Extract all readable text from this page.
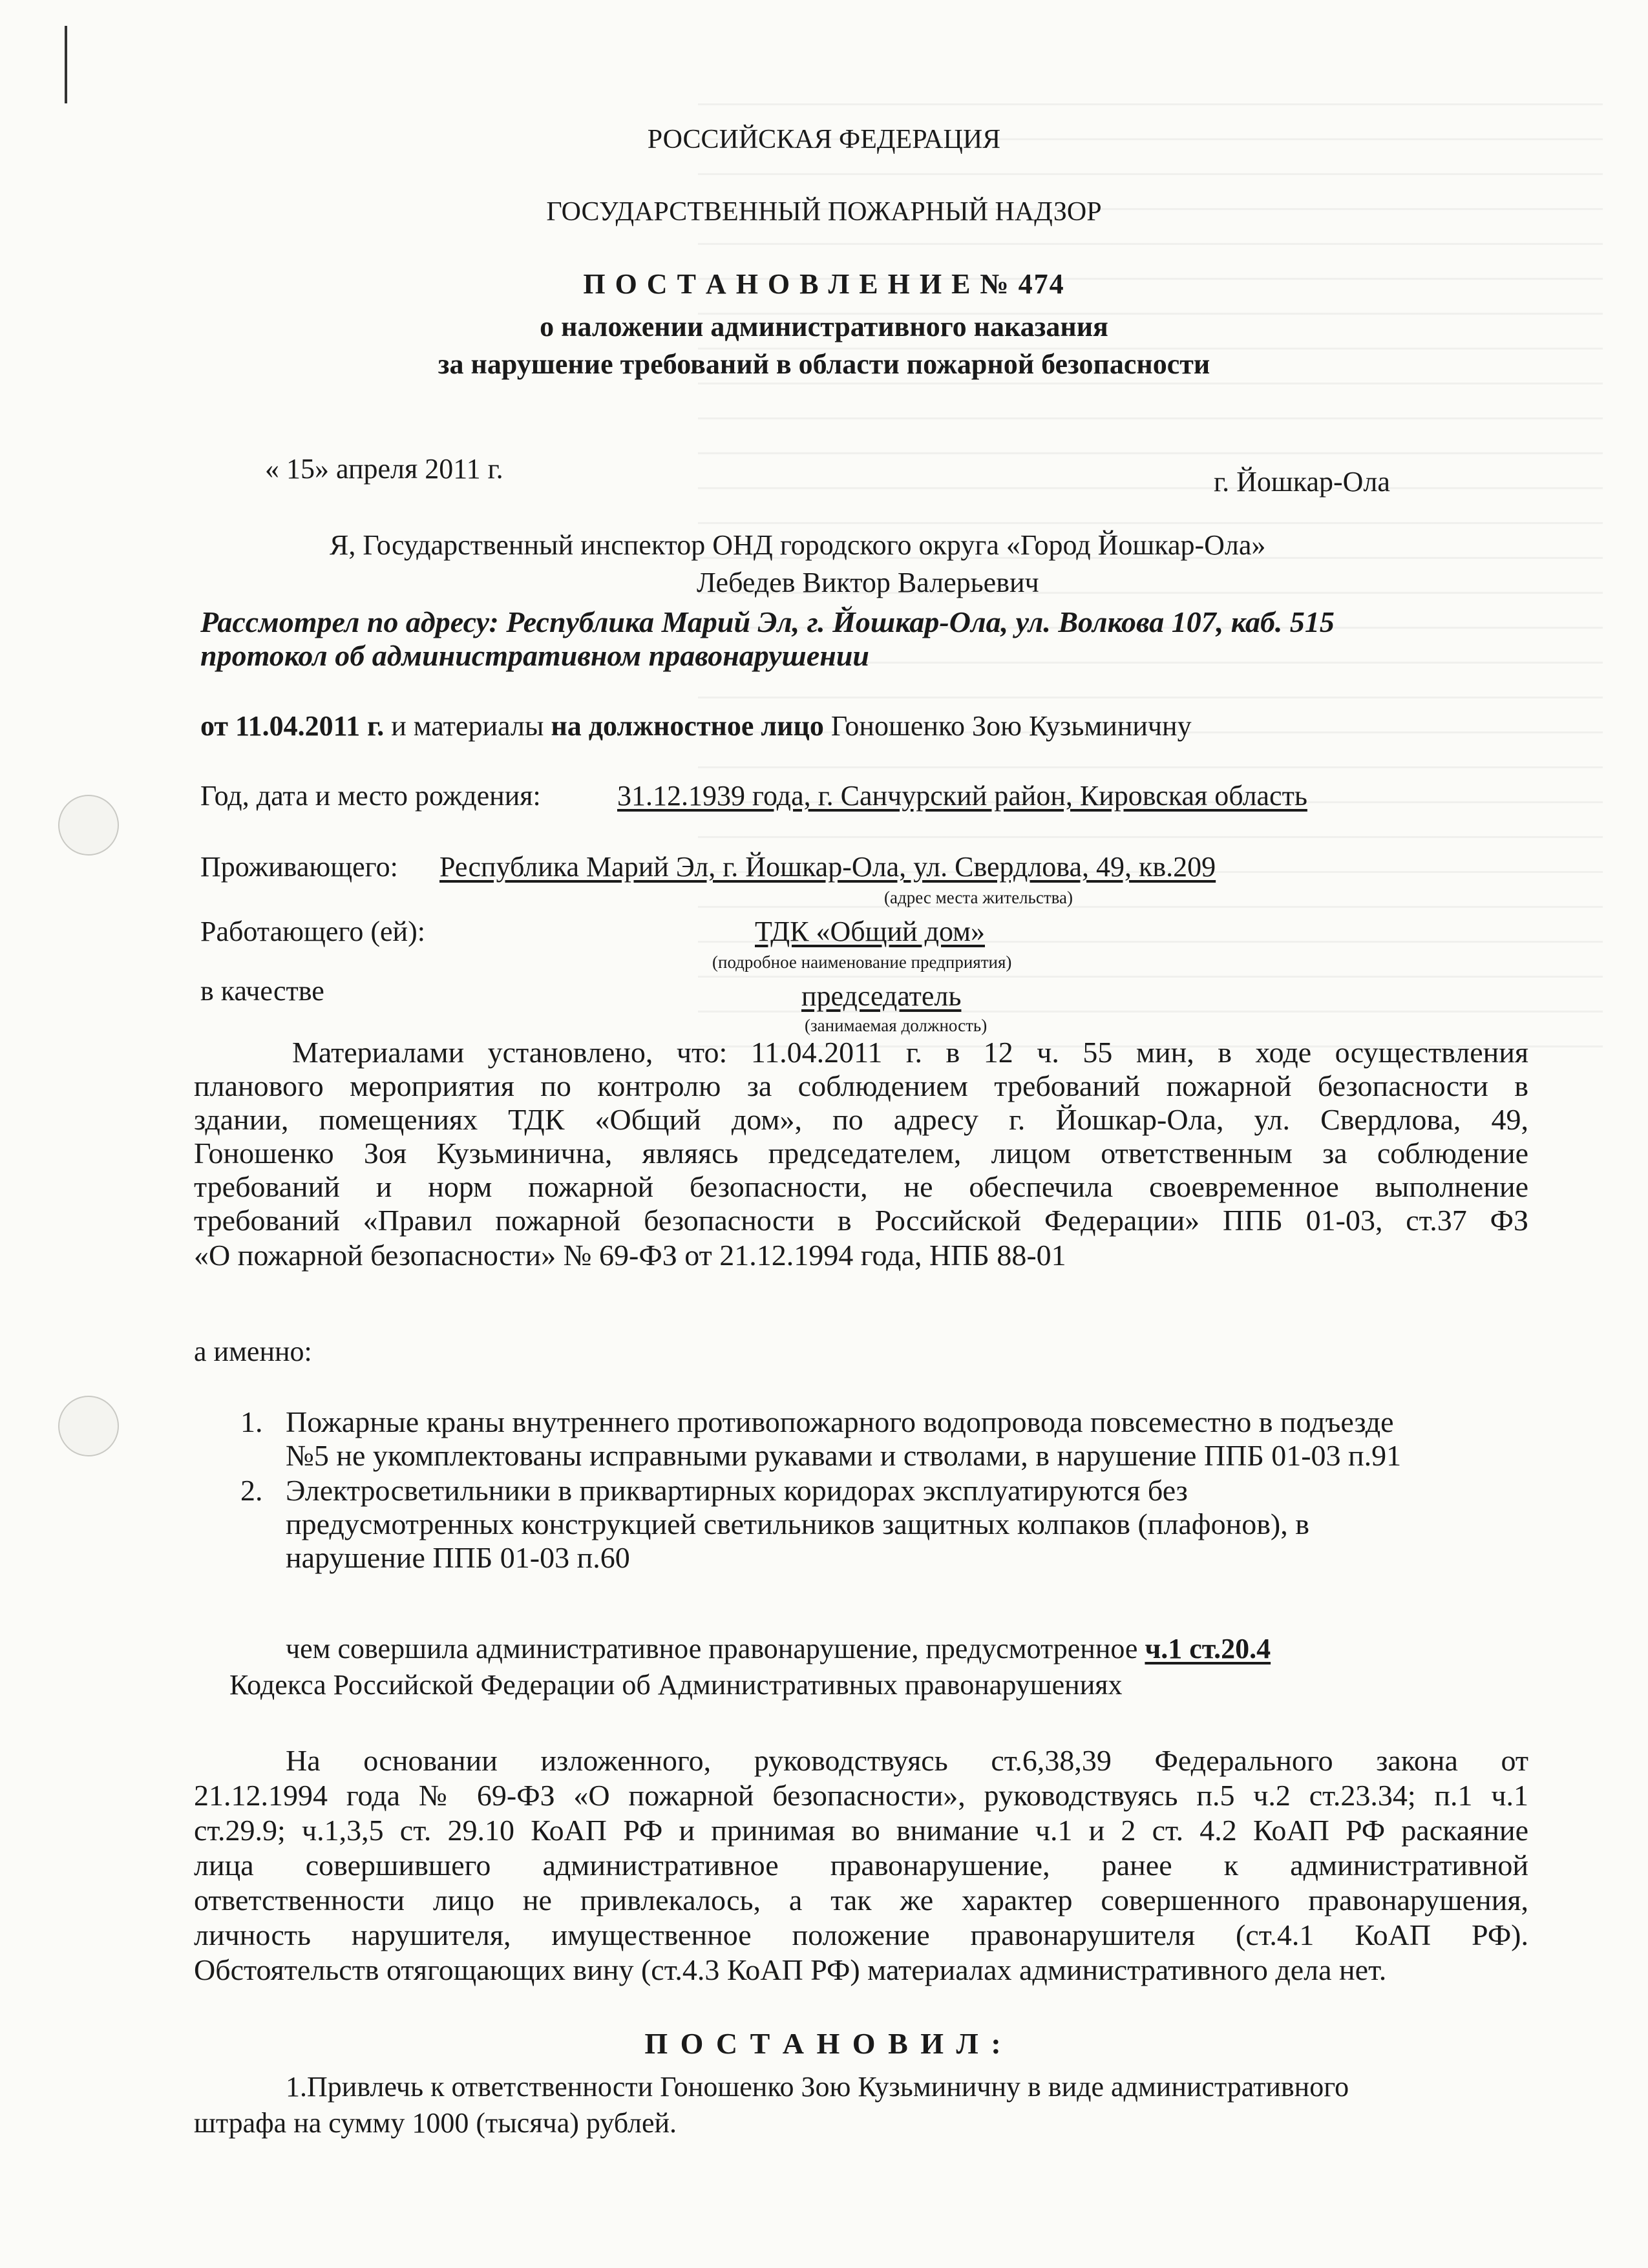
РОССИЙСКАЯ ФЕДЕРАЦИЯ
ГОСУДАРСТВЕННЫЙ ПОЖАРНЫЙ НАДЗОР
П О С Т А Н О В Л Е Н И Е № 474
о наложении административного наказания
за нарушение требований в области пожарной безопасности
« 15» апреля 2011 г.	г. Йошкар-Ола
Я, Государственный инспектор ОНД городского округа «Город Йошкар-Ола»
Лебедев Виктор Валерьевич
Рассмотрел по адресу: Республика Марий Эл, г. Йошкар-Ола, ул. Волкова 107, каб. 515
протокол об административном правонарушении
от 11.04.2011 г. и материалы на должностное лицо Гоношенко Зою Кузьминичну
Год, дата и место рождения:	31.12.1939 года, г. Санчурский район, Кировская область
Проживающего: Республика Марий Эл, г. Йошкар-Ола, ул. Свердлова, 49, кв.209
(адрес места жительства)
Работающего (ей):	ТДК «Общий дом»
(подробное наименование предприятия)
в качестве	председатель
(занимаемая должность)
Материалами установлено, что: 11.04.2011 г. в 12 ч. 55 мин, в ходе осуществления
планового мероприятия по контролю за соблюдением требований пожарной безопасности в
здании, помещениях ТДК «Общий дом», по адресу г. Йошкар-Ола, ул. Свердлова, 49,
Гоношенко Зоя Кузьминична, являясь председателем, лицом ответственным за соблюдение
требований и норм пожарной безопасности, не обеспечила своевременное выполнение
требований «Правил пожарной безопасности в Российской Федерации» ППБ 01-03, ст.37 ФЗ
«О пожарной безопасности» № 69-ФЗ от 21.12.1994 года, НПБ 88-01
а именно:
1. Пожарные краны внутреннего противопожарного водопровода повсеместно в подъезде
№5 не укомплектованы исправными рукавами и стволами, в нарушение ППБ 01-03 п.91
2. Электросветильники в приквартирных коридорах эксплуатируются без
предусмотренных конструкцией светильников защитных колпаков (плафонов), в
нарушение ППБ 01-03 п.60
чем совершила административное правонарушение, предусмотренное ч.1 ст.20.4
Кодекса Российской Федерации об Административных правонарушениях
На основании изложенного, руководствуясь ст.6,38,39 Федерального закона от
21.12.1994 года № 69-ФЗ «О пожарной безопасности», руководствуясь п.5 ч.2 ст.23.34; п.1 ч.1
ст.29.9; ч.1,3,5 ст. 29.10 КоАП РФ и принимая во внимание ч.1 и 2 ст. 4.2 КоАП РФ раскаяние
лица совершившего административное правонарушение, ранее к административной
ответственности лицо не привлекалось, а так же характер совершенного правонарушения,
личность нарушителя, имущественное положение правонарушителя (ст.4.1 КоАП РФ).
Обстоятельств отягощающих вину (ст.4.3 КоАП РФ) материалах административного дела нет.
П О С Т А Н О В И Л :
1.Привлечь к ответственности Гоношенко Зою Кузьминичну в виде административного
штрафа на сумму 1000 (тысяча) рублей.
